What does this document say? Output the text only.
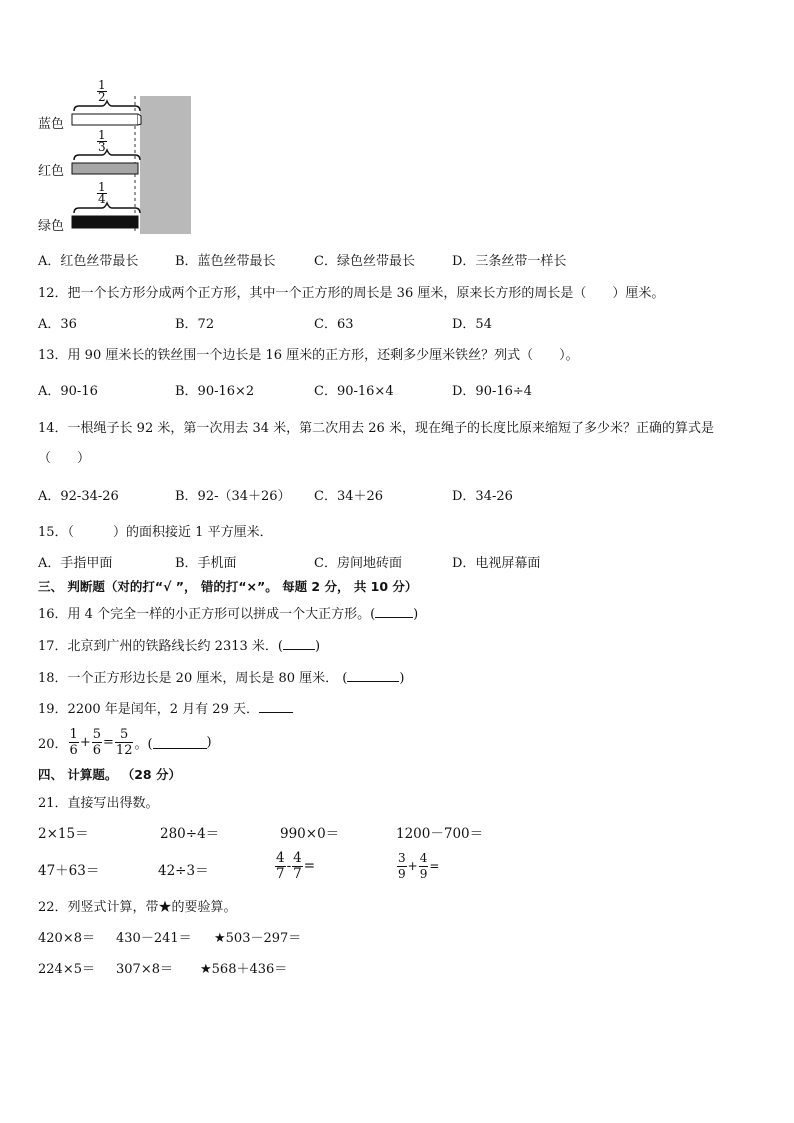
$\frac{1}{2}$
$\frac{1}{3}$
$\frac{1}{4}$
蓝色
红色
绿色
A．红色丝带最长	B．蓝色丝带最长	C．绿色丝带最长	D．三条丝带一样长
12．把一个长方形分成两个正方形，其中一个正方形的周长是 36 厘米，原来长方形的周长是（　　）厘米。
A．36	B．72	C．63	D．54
13．用 90 厘米长的铁丝围一个边长是 16 厘米的正方形，还剩多少厘米铁丝？列式（　　）。
A．90-16	B．90-16×2	C．90-16×4	D．90-16÷4
14．一根绳子长 92 米，第一次用去 34 米，第二次用去 26 米，现在绳子的长度比原来缩短了多少米？正确的算式是
（　　）
A．92-34-26	B．92-（34＋26） C．34＋26	D．34-26
15．（　　　）的面积接近 1 平方厘米．
A．手指甲面	B．手机面	C．房间地砖面	D．电视屏幕面
三、 判断题（对的打“√ ”， 错的打“×”。 每题 2 分， 共 10 分）
16．用 4 个完全一样的小正方形可以拼成一个大正方形。(	)
17．北京到广州的铁路线长约 2313 米．( )
18．一个正方形边长是 20 厘米，周长是 80 厘米． (	)
19．2200 年是闰年，2 月有 29 天．
20． $\frac{1}{6} + \frac{5}{6} = \frac{5}{12}$ 。(	)
四、 计算题。 （28 分）
21．直接写出得数。
2×15＝	280÷4＝	990×0＝	1200－700＝
47＋63＝	42÷3＝	$\frac{4}{7} - \frac{4}{7}$ =	$\frac{3}{9} + \frac{4}{9}$ =
22．列竖式计算，带★的要验算。
420×8＝ 430－241＝ ★503－297＝
224×5＝ 307×8＝ ★568＋436＝
